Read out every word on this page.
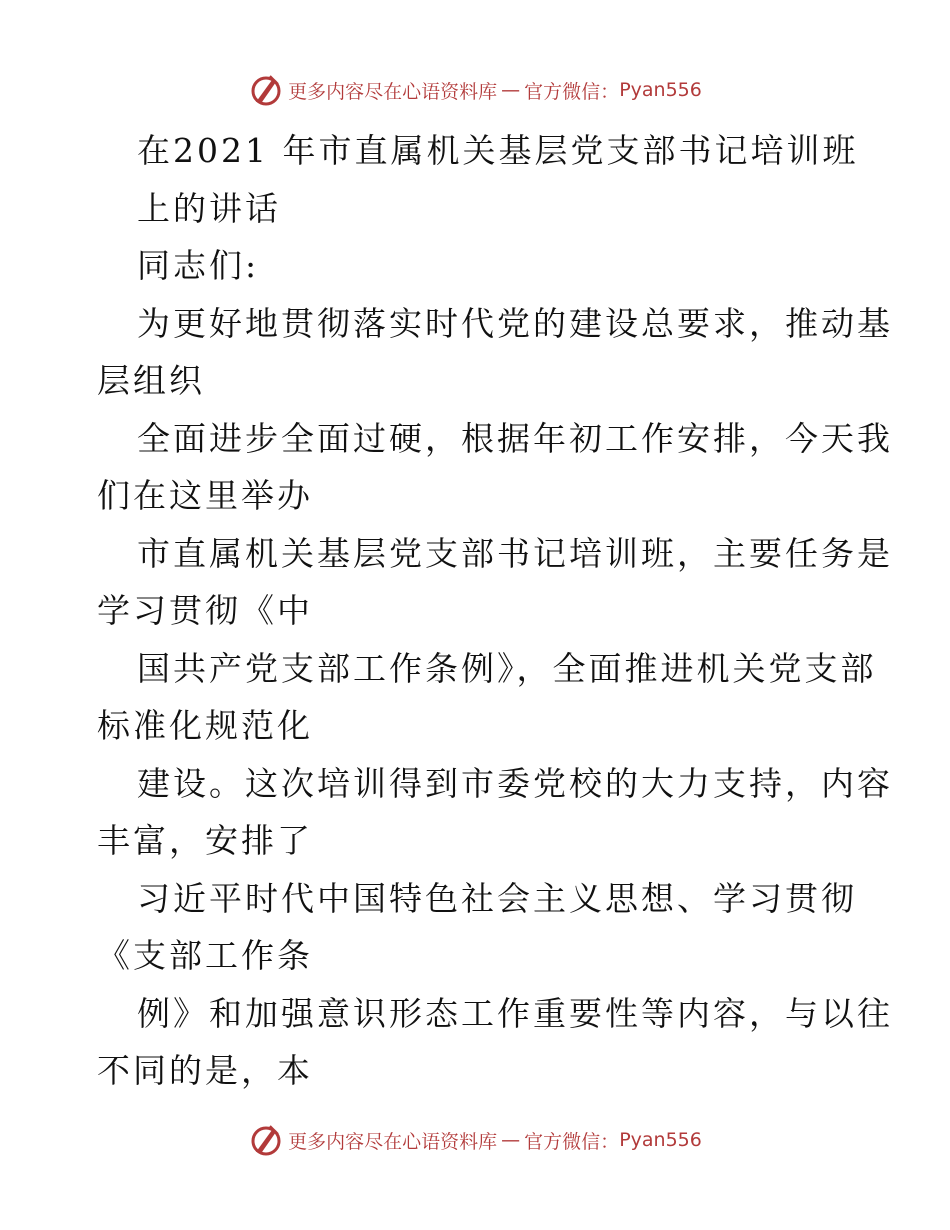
更多内容尽在心语资料库 — 官方微信： Pyan556
在2021 年市直属机关基层党支部书记培训班
上的讲话
同志们:
为更好地贯彻落实时代党的建设总要求，推动基
层组织
全面进步全面过硬，根据年初工作安排，今天我
们在这里举办
市直属机关基层党支部书记培训班，主要任务是
学习贯彻《中
国共产党支部工作条例》，全面推进机关党支部
标准化规范化
建设。这次培训得到市委党校的大力支持，内容
丰富，安排了
习近平时代中国特色社会主义思想、学习贯彻
《支部工作条
例》和加强意识形态工作重要性等内容，与以往
不同的是，本
更多内容尽在心语资料库 — 官方微信： Pyan556
